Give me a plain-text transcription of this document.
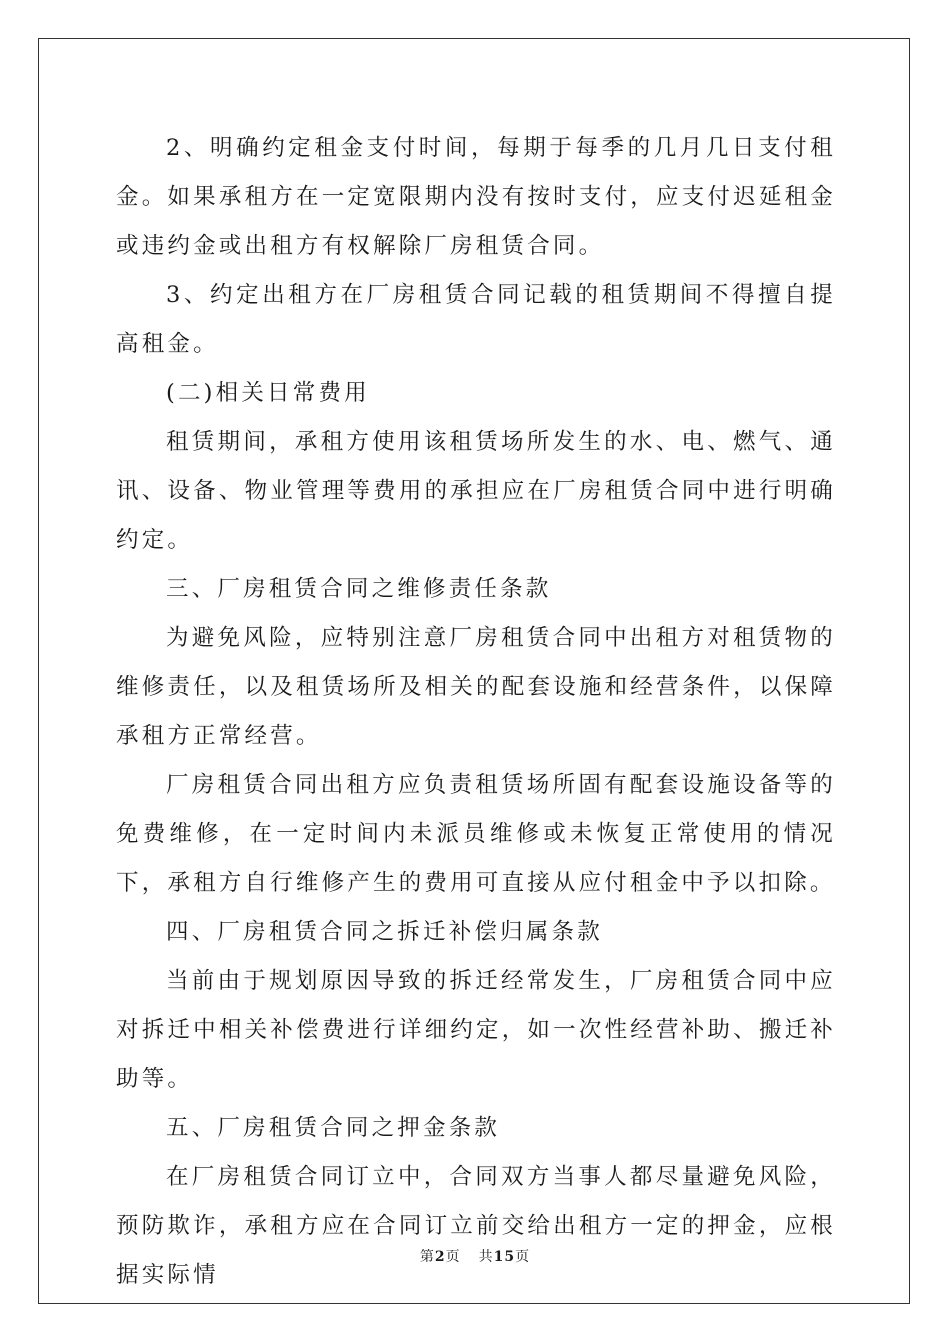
2、明确约定租金支付时间，每期于每季的几月几日支付租金。如果承租方在一定宽限期内没有按时支付，应支付迟延租金或违约金或出租方有权解除厂房租赁合同。

3、约定出租方在厂房租赁合同记载的租赁期间不得擅自提高租金。

(二)相关日常费用

租赁期间，承租方使用该租赁场所发生的水、电、燃气、通讯、设备、物业管理等费用的承担应在厂房租赁合同中进行明确约定。

三、厂房租赁合同之维修责任条款

为避免风险，应特别注意厂房租赁合同中出租方对租赁物的维修责任，以及租赁场所及相关的配套设施和经营条件，以保障承租方正常经营。

厂房租赁合同出租方应负责租赁场所固有配套设施设备等的免费维修，在一定时间内未派员维修或未恢复正常使用的情况下，承租方自行维修产生的费用可直接从应付租金中予以扣除。

四、厂房租赁合同之拆迁补偿归属条款

当前由于规划原因导致的拆迁经常发生，厂房租赁合同中应对拆迁中相关补偿费进行详细约定，如一次性经营补助、搬迁补助等。

五、厂房租赁合同之押金条款

在厂房租赁合同订立中，合同双方当事人都尽量避免风险，预防欺诈，承租方应在合同订立前交给出租方一定的押金，应根据实际情

第2页 共15页
